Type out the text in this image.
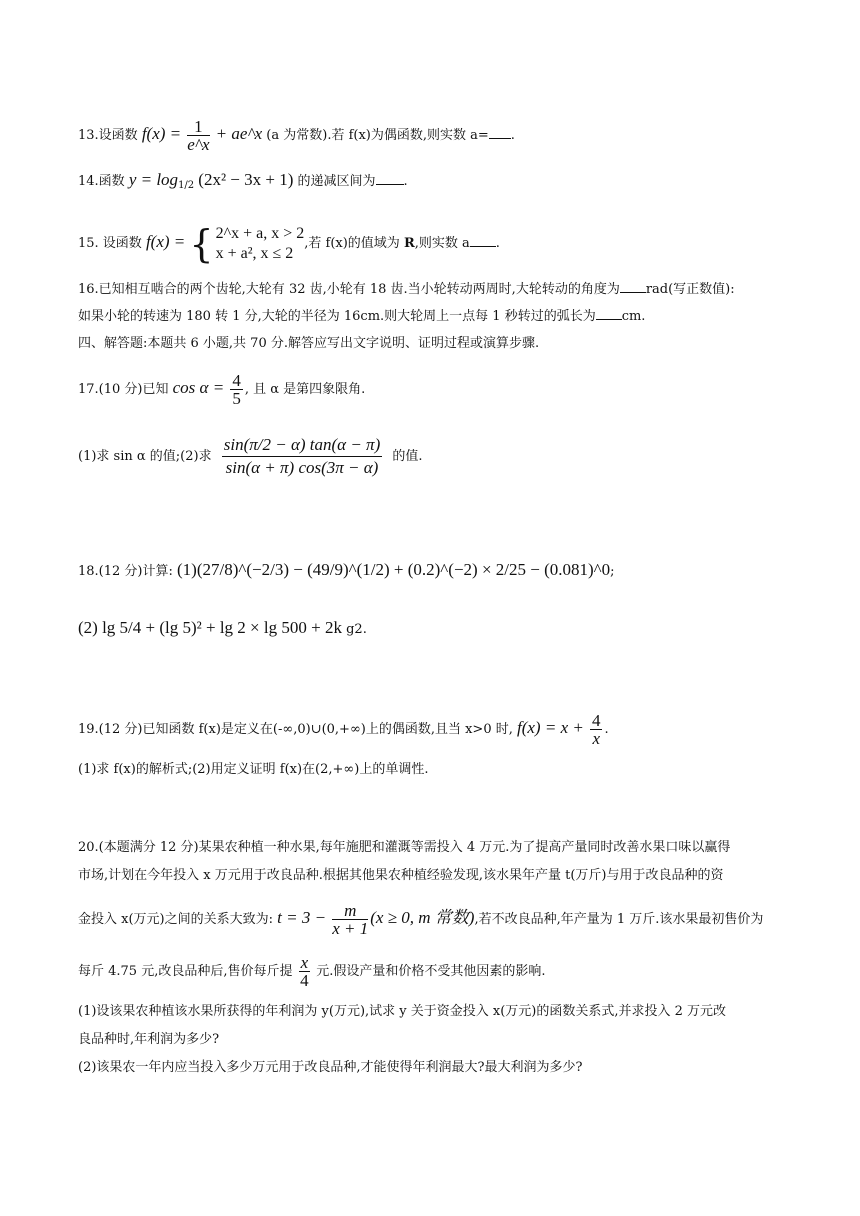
13.设函数 $f(x) = \frac{1}{e\^{}x}$ + ae^x (a 为常数).若 f(x)为偶函数,则实数 a= .
14.函数 $y = \log_{1/2} (2x^2 - 3x + 1)$ 的递减区间为 .
15. 设函数 f(x) = { 2^x + a, x > 2
x + a², x ≤ 2
,若 f(x)的值域为 R,则实数 a .
16.已知相互啮合的两个齿轮,大轮有 32 齿,小轮有 18 齿.当小轮转动两周时,大轮转动的角度为 rad(写正数值):
如果小轮的转速为 180 转 1 分,大轮的半径为 16cm.则大轮周上一点每 1 秒转过的弧长为 cm.
四、解答题:本题共 6 小题,共 70 分.解答应写出文字说明、证明过程或演算步骤.
17.(10 分)已知 $\cos \alpha = \frac{4}{5}$ , 且 α 是第四象限角.
(1)求 sin α 的值;(2)求 $\frac{\sin(\pi/2 - \alpha) \tan(\alpha - \pi)}{\sin(\alpha + \pi) \cos(3\pi - \alpha)}$ 的值.
18.(12 分)计算: (1)(27/8)^(−2/3) − (49/9)^(1/2) + (0.2)^(−2) × 2/25 − (0.081)^0;
(2) lg 5/4 + (lg 5)² + lg 2 × lg 500 + 2k g2.
19.(12 分)已知函数 f(x)是定义在(-∞,0)∪(0,+∞)上的偶函数,且当 x>0 时, $f(x) = x + \frac{4}{x}$ .
(1)求 f(x)的解析式;(2)用定义证明 f(x)在(2,+∞)上的单调性.
20.(本题满分 12 分)某果农种植一种水果,每年施肥和灌溉等需投入 4 万元.为了提高产量同时改善水果口味以赢得
市场,计划在今年投入 x 万元用于改良品种.根据其他果农种植经验发现,该水果年产量 t(万斤)与用于改良品种的资
金投入 x(万元)之间的关系大致为: $t = 3 - \frac{m}{x + 1} (x \ge 0$, m 常数),若不改良品种,年产量为 1 万斤.该水果最初售价为
每斤 4.75 元,改良品种后,售价每斤提 $\frac{x}{4}$ 元.假设产量和价格不受其他因素的影响.
(1)设该果农种植该水果所获得的年利润为 y(万元),试求 y 关于资金投入 x(万元)的函数关系式,并求投入 2 万元改
良品种时,年利润为多少?
(2)该果农一年内应当投入多少万元用于改良品种,才能使得年利润最大?最大利润为多少?
